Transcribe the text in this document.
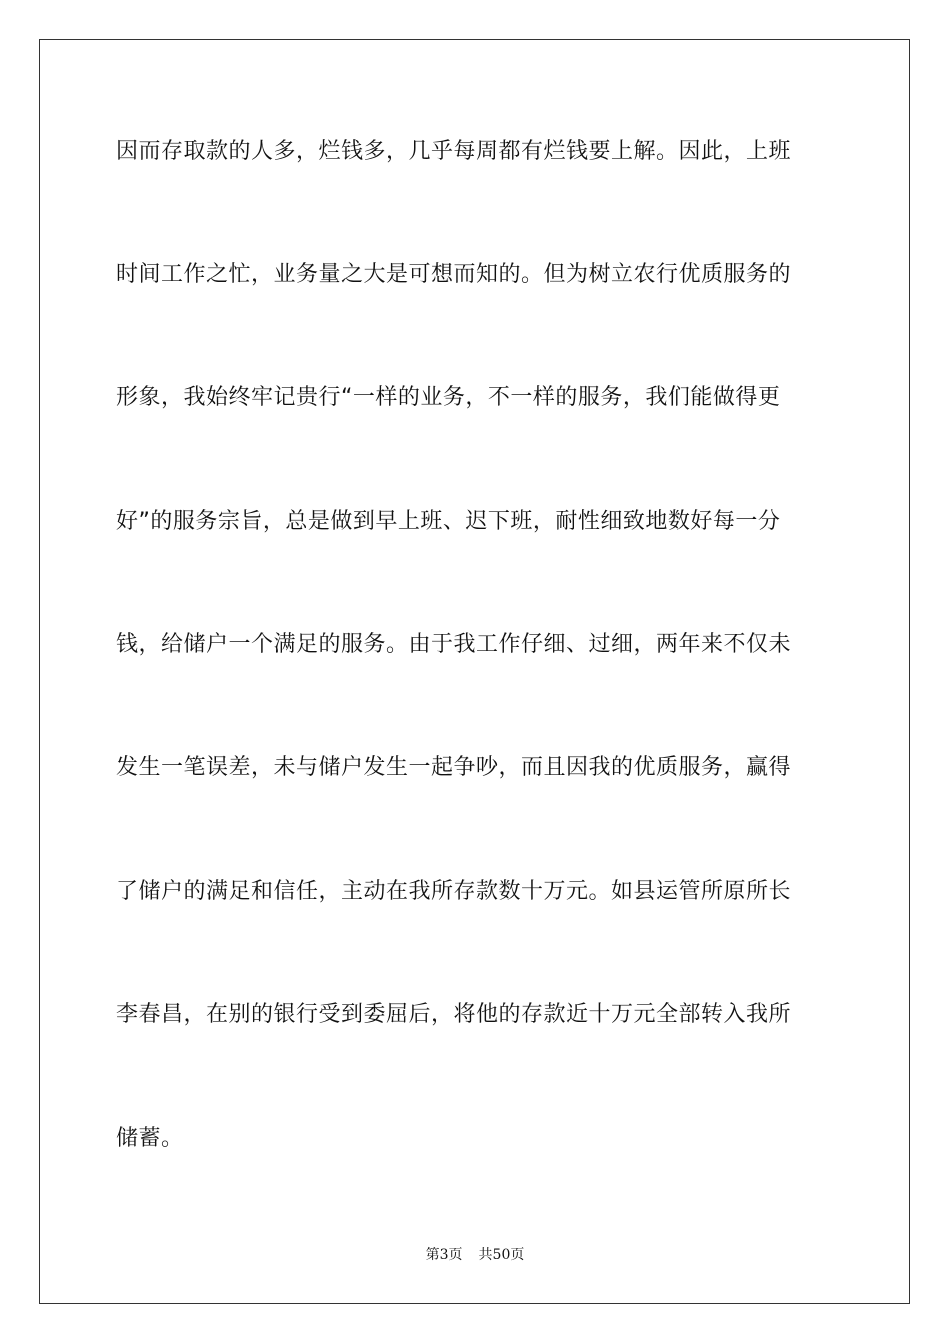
因而存取款的人多，烂钱多，几乎每周都有烂钱要上解。因此，上班
时间工作之忙，业务量之大是可想而知的。但为树立农行优质服务的
形象，我始终牢记贵行“一样的业务，不一样的服务，我们能做得更
好”的服务宗旨，总是做到早上班、迟下班，耐性细致地数好每一分
钱，给储户一个满足的服务。由于我工作仔细、过细，两年来不仅未
发生一笔误差，未与储户发生一起争吵，而且因我的优质服务，赢得
了储户的满足和信任，主动在我所存款数十万元。如县运管所原所长
李春昌，在别的银行受到委屈后，将他的存款近十万元全部转入我所
储蓄。
第3页 共50页
